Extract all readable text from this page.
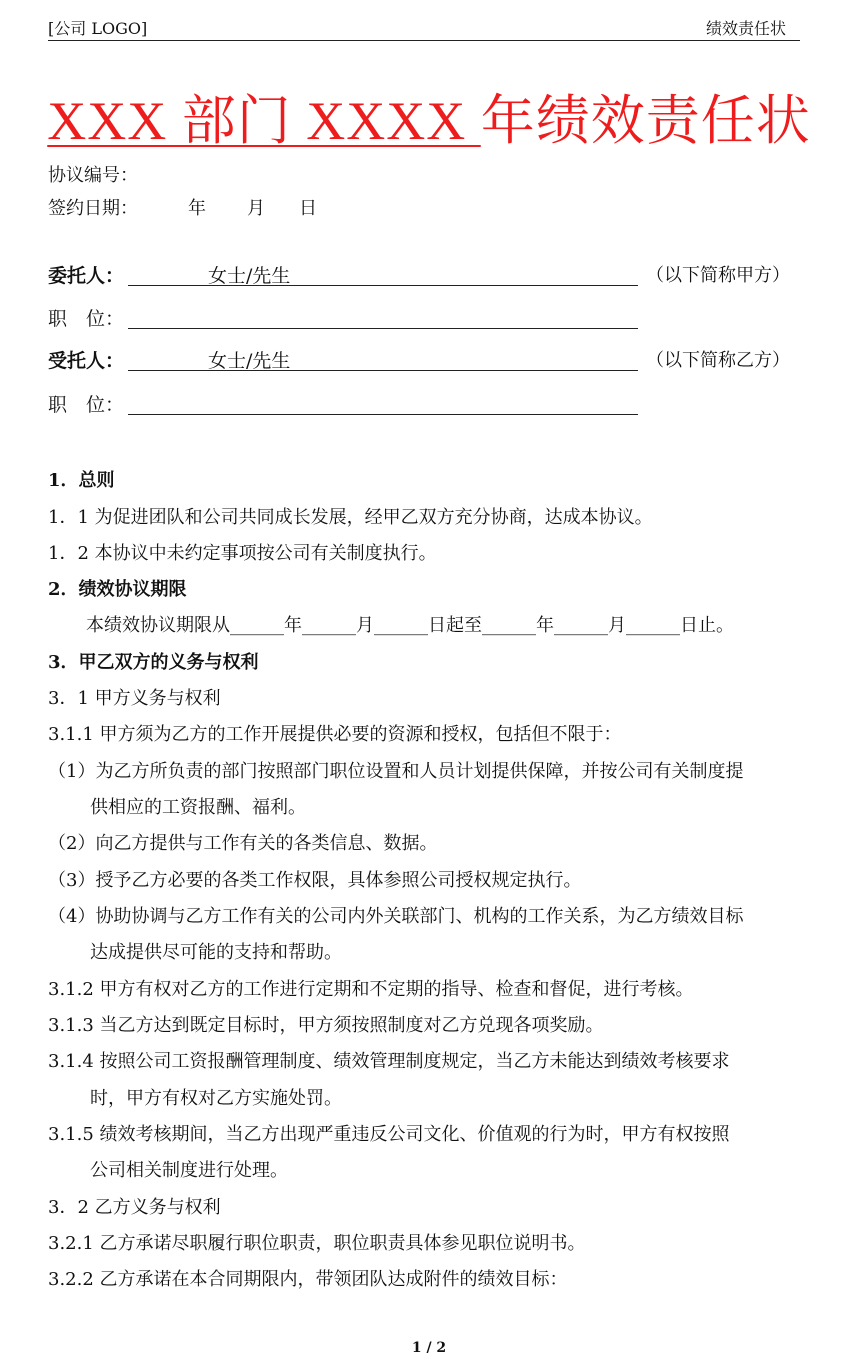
[公司 LOGO]	绩效责任状
XXX 部门 XXXX 年绩效责任状
协议编号：
签约日期：	年 月 日
委托人：	女士/先生	（以下简称甲方）
职　位：
受托人：	女士/先生	（以下简称乙方）
职　位：
1．总则
1．1 为促进团队和公司共同成长发展，经甲乙双方充分协商，达成本协议。
1．2 本协议中未约定事项按公司有关制度执行。
2．绩效协议期限
本绩效协议期限从______年______月______日起至______年______月______日止。
3．甲乙双方的义务与权利
3．1 甲方义务与权利
3.1.1 甲方须为乙方的工作开展提供必要的资源和授权，包括但不限于：
（1）为乙方所负责的部门按照部门职位设置和人员计划提供保障，并按公司有关制度提
供相应的工资报酬、福利。
（2）向乙方提供与工作有关的各类信息、数据。
（3）授予乙方必要的各类工作权限，具体参照公司授权规定执行。
（4）协助协调与乙方工作有关的公司内外关联部门、机构的工作关系，为乙方绩效目标
达成提供尽可能的支持和帮助。
3.1.2 甲方有权对乙方的工作进行定期和不定期的指导、检查和督促，进行考核。
3.1.3 当乙方达到既定目标时，甲方须按照制度对乙方兑现各项奖励。
3.1.4 按照公司工资报酬管理制度、绩效管理制度规定，当乙方未能达到绩效考核要求
时，甲方有权对乙方实施处罚。
3.1.5 绩效考核期间，当乙方出现严重违反公司文化、价值观的行为时，甲方有权按照
公司相关制度进行处理。
3．2 乙方义务与权利
3.2.1 乙方承诺尽职履行职位职责，职位职责具体参见职位说明书。
3.2.2 乙方承诺在本合同期限内，带领团队达成附件的绩效目标：
1 / 2
